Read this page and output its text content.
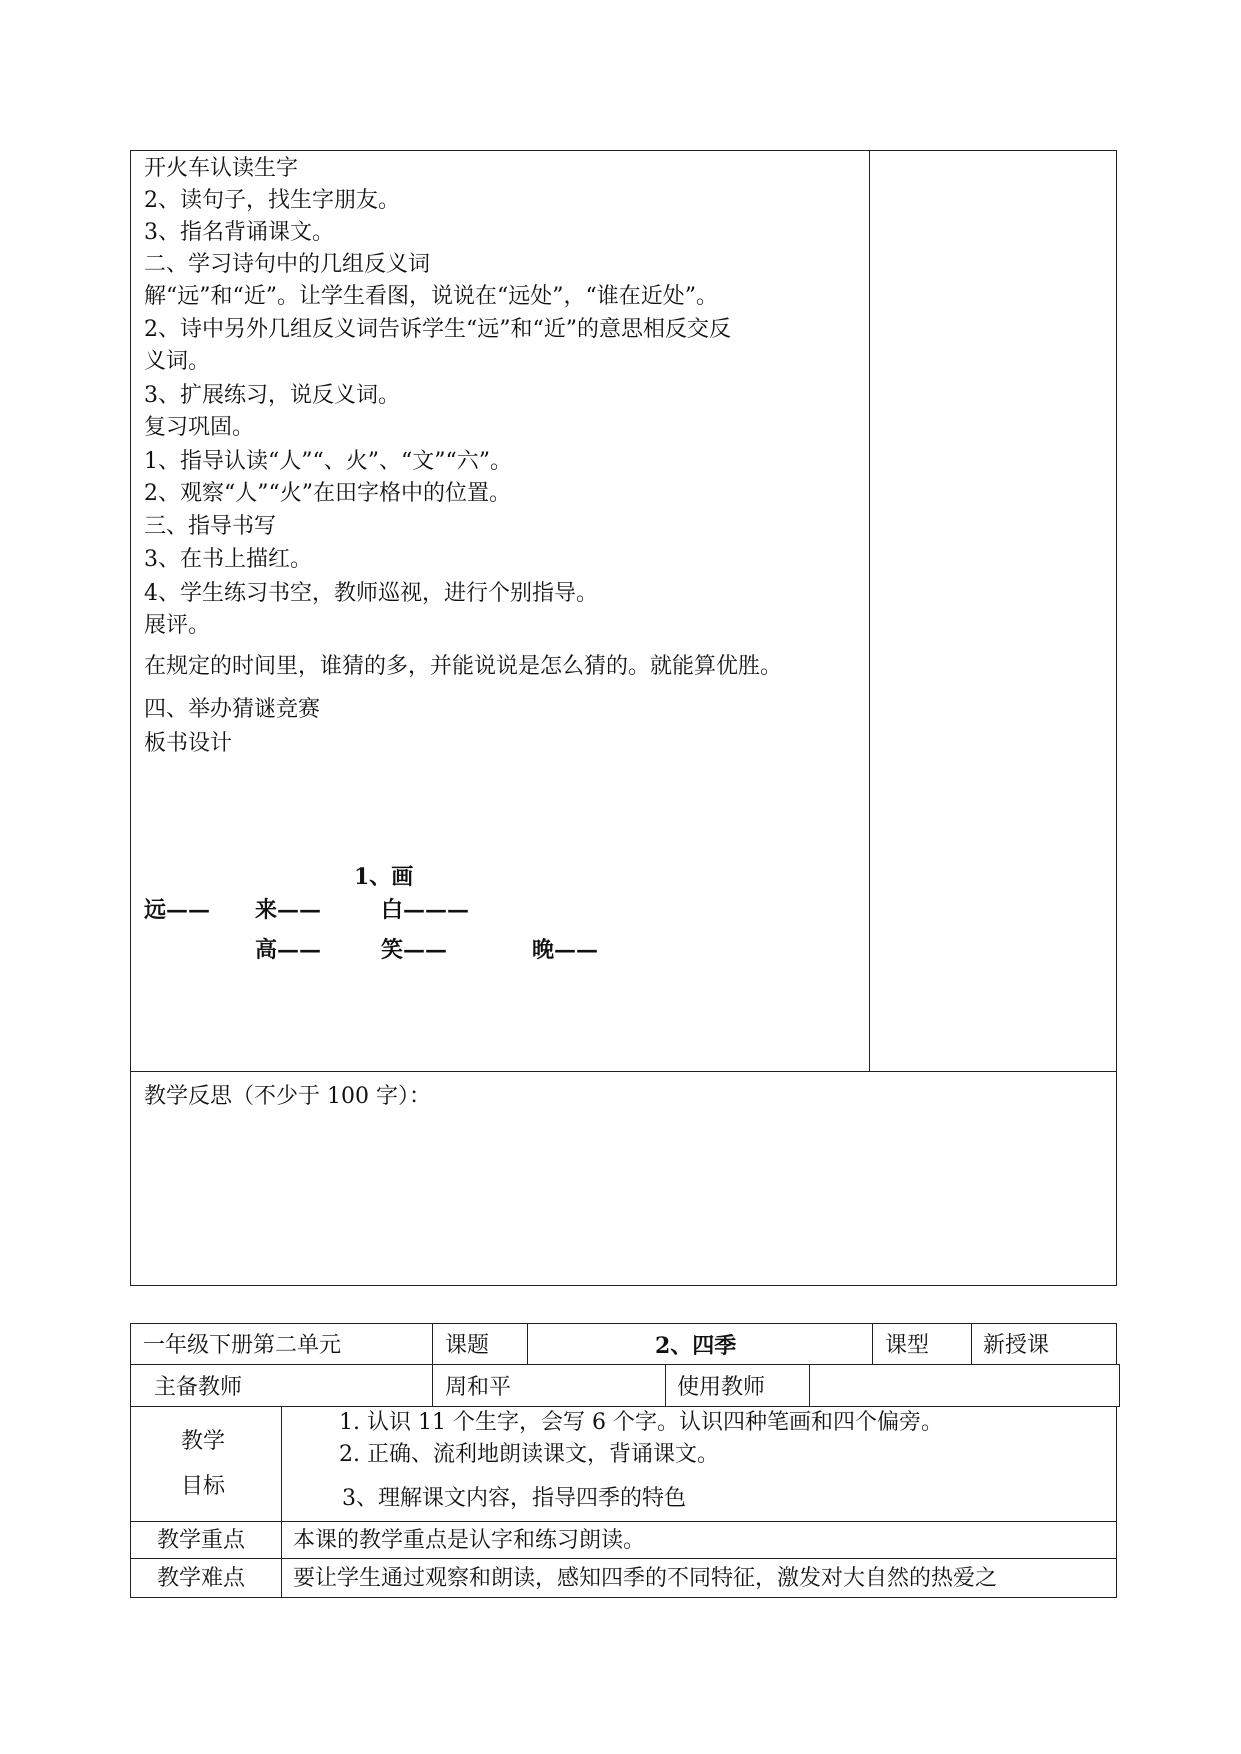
开火车认读生字
2、读句子，找生字朋友。
3、指名背诵课文。
二、学习诗句中的几组反义词
解“远”和“近”。让学生看图，说说在“远处”，“谁在近处”。
2、诗中另外几组反义词告诉学生“远”和“近”的意思相反交反
义词。
3、扩展练习，说反义词。
复习巩固。
1、指导认读“人”“、火”、“文”“六”。
2、观察“人”“火”在田字格中的位置。
三、指导书写
3、在书上描红。
4、学生练习书空，教师巡视，进行个别指导。
展评。
在规定的时间里，谁猜的多，并能说说是怎么猜的。就能算优胜。
四、举办猜谜竞赛
板书设计
1、画
远—— 来——	白———
高——	笑——	晚——
教学反思（不少于 100 字）：
一年级下册第二单元	课题	2、四季	课型 新授课
主备教师	周和平	使用教师
教学
目标
1. 认识 11 个生字，会写 6 个字。认识四种笔画和四个偏旁。
2. 正确、流利地朗读课文，背诵课文。
3、理解课文内容，指导四季的特色
教学重点 本课的教学重点是认字和练习朗读。
教学难点 要让学生通过观察和朗读，感知四季的不同特征，激发对大自然的热爱之
